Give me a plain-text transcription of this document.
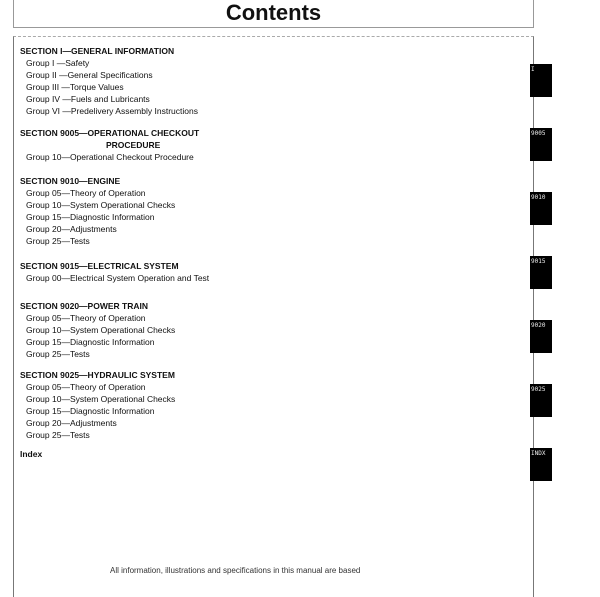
Contents
SECTION I—GENERAL INFORMATION
Group I —Safety
Group II —General Specifications
Group III —Torque Values
Group IV —Fuels and Lubricants
Group VI —Predelivery Assembly Instructions
SECTION 9005—OPERATIONAL CHECKOUT
PROCEDURE
Group 10—Operational Checkout Procedure
SECTION 9010—ENGINE
Group 05—Theory of Operation
Group 10—System Operational Checks
Group 15—Diagnostic Information
Group 20—Adjustments
Group 25—Tests
SECTION 9015—ELECTRICAL SYSTEM
Group 00—Electrical System Operation and Test
SECTION 9020—POWER TRAIN
Group 05—Theory of Operation
Group 10—System Operational Checks
Group 15—Diagnostic Information
Group 25—Tests
SECTION 9025—HYDRAULIC SYSTEM
Group 05—Theory of Operation
Group 10—System Operational Checks
Group 15—Diagnostic Information
Group 20—Adjustments
Group 25—Tests
Index
I
9005
9010
9015
9020
9025
INDX
All information, illustrations and specifications in this manual are based
